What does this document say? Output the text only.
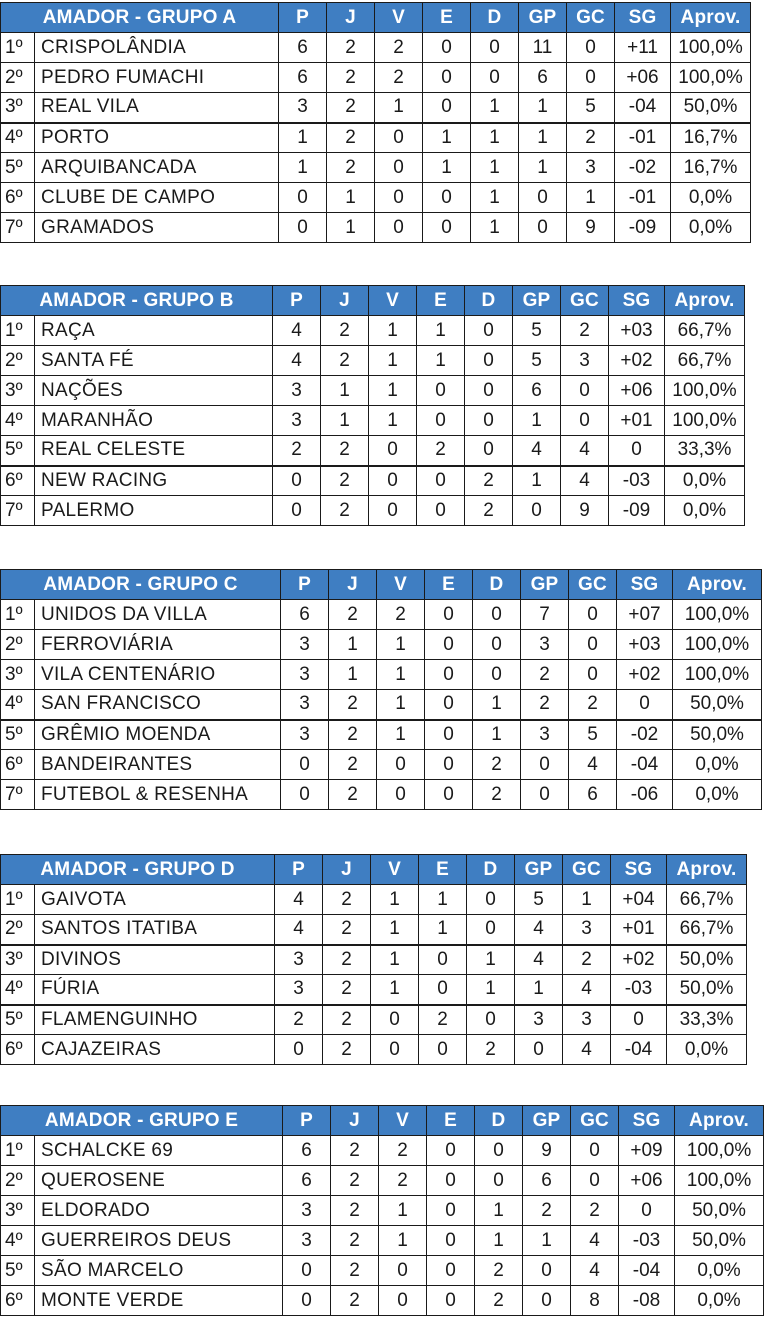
AMADOR - GRUPO A		P	J	V	E	D	GP	GC	SG	Aprov.
1º	CRISPOLÂNDIA	6	2	2	0	0	11	0	+11	100,0%
2º	PEDRO FUMACHI	6	2	2	0	0	6	0	+06	100,0%
3º	REAL VILA	3	2	1	0	1	1	5	-04	50,0%
4º	PORTO	1	2	0	1	1	1	2	-01	16,7%
5º	ARQUIBANCADA	1	2	0	1	1	1	3	-02	16,7%
6º	CLUBE DE CAMPO	0	1	0	0	1	0	1	-01	0,0%
7º	GRAMADOS	0	1	0	0	1	0	9	-09	0,0%
AMADOR - GRUPO B		P	J	V	E	D	GP	GC	SG	Aprov.
1º	RAÇA	4	2	1	1	0	5	2	+03	66,7%
2º	SANTA FÉ	4	2	1	1	0	5	3	+02	66,7%
3º	NAÇÕES	3	1	1	0	0	6	0	+06	100,0%
4º	MARANHÃO	3	1	1	0	0	1	0	+01	100,0%
5º	REAL CELESTE	2	2	0	2	0	4	4	0	33,3%
6º	NEW RACING	0	2	0	0	2	1	4	-03	0,0%
7º	PALERMO	0	2	0	0	2	0	9	-09	0,0%
AMADOR - GRUPO C		P	J	V	E	D	GP	GC	SG	Aprov.
1º	UNIDOS DA VILLA	6	2	2	0	0	7	0	+07	100,0%
2º	FERROVIÁRIA	3	1	1	0	0	3	0	+03	100,0%
3º	VILA CENTENÁRIO	3	1	1	0	0	2	0	+02	100,0%
4º	SAN FRANCISCO	3	2	1	0	1	2	2	0	50,0%
5º	GRÊMIO MOENDA	3	2	1	0	1	3	5	-02	50,0%
6º	BANDEIRANTES	0	2	0	0	2	0	4	-04	0,0%
7º	FUTEBOL & RESENHA	0	2	0	0	2	0	6	-06	0,0%
AMADOR - GRUPO D		P	J	V	E	D	GP	GC	SG	Aprov.
1º	GAIVOTA	4	2	1	1	0	5	1	+04	66,7%
2º	SANTOS ITATIBA	4	2	1	1	0	4	3	+01	66,7%
3º	DIVINOS	3	2	1	0	1	4	2	+02	50,0%
4º	FÚRIA	3	2	1	0	1	1	4	-03	50,0%
5º	FLAMENGUINHO	2	2	0	2	0	3	3	0	33,3%
6º	CAJAZEIRAS	0	2	0	0	2	0	4	-04	0,0%
AMADOR - GRUPO E		P	J	V	E	D	GP	GC	SG	Aprov.
1º	SCHALCKE 69	6	2	2	0	0	9	0	+09	100,0%
2º	QUEROSENE	6	2	2	0	0	6	0	+06	100,0%
3º	ELDORADO	3	2	1	0	1	2	2	0	50,0%
4º	GUERREIROS DEUS	3	2	1	0	1	1	4	-03	50,0%
5º	SÃO MARCELO	0	2	0	0	2	0	4	-04	0,0%
6º	MONTE VERDE	0	2	0	0	2	0	8	-08	0,0%
